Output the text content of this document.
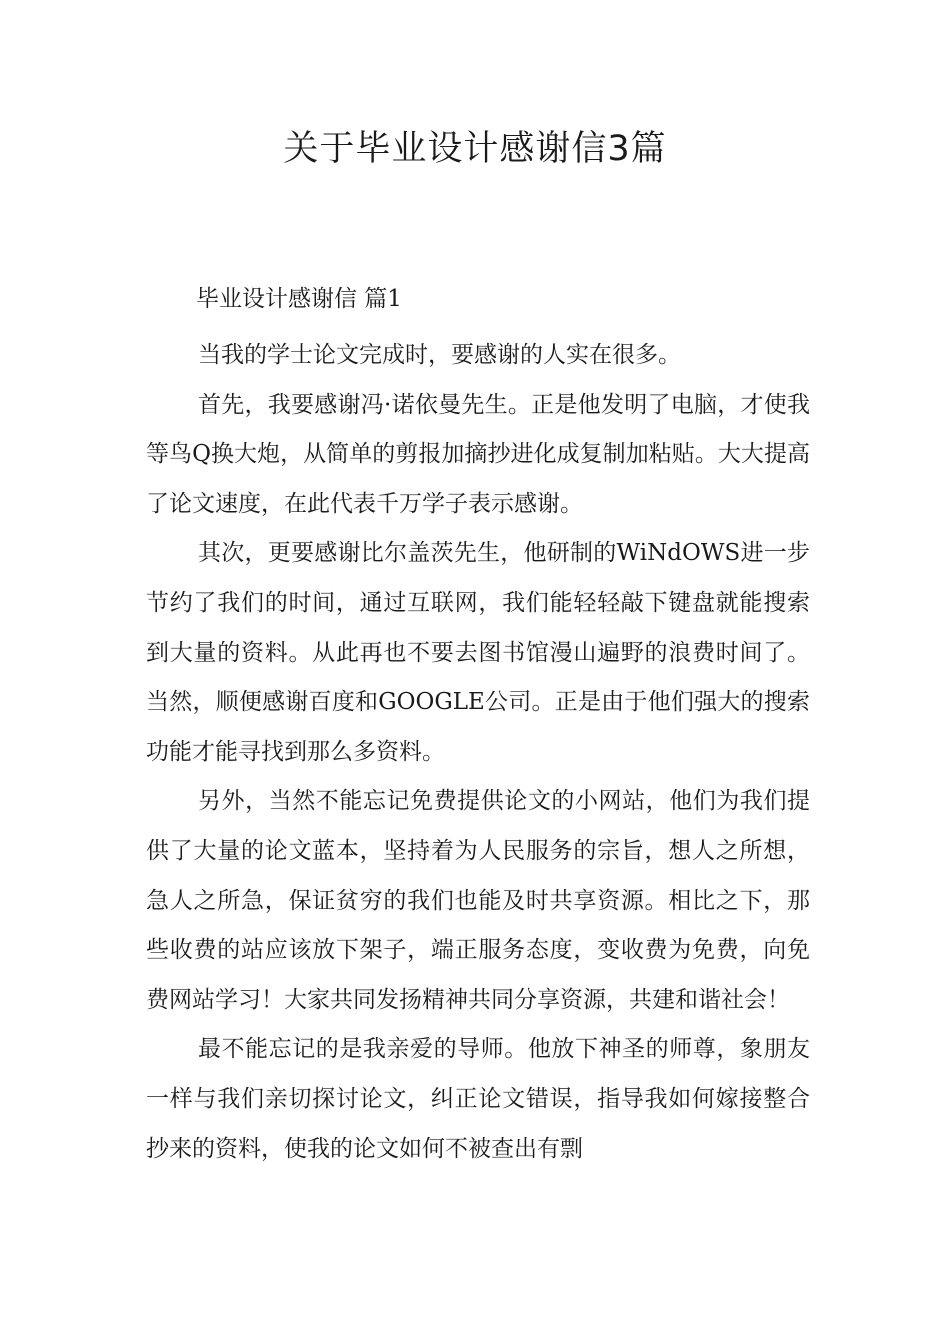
关于毕业设计感谢信3篇
毕业设计感谢信 篇1

当我的学士论文完成时，要感谢的人实在很多。

首先，我要感谢冯·诺依曼先生。正是他发明了电脑，才使我等鸟Q换大炮，从简单的剪报加摘抄进化成复制加粘贴。大大提高了论文速度，在此代表千万学子表示感谢。

其次，更要感谢比尔盖茨先生，他研制的WiNdOWS进一步节约了我们的时间，通过互联网，我们能轻轻敲下键盘就能搜索到大量的资料。从此再也不要去图书馆漫山遍野的浪费时间了。当然，顺便感谢百度和GOOGLE公司。正是由于他们强大的搜索功能才能寻找到那么多资料。

另外，当然不能忘记免费提供论文的小网站，他们为我们提供了大量的论文蓝本，坚持着为人民服务的宗旨，想人之所想，急人之所急，保证贫穷的我们也能及时共享资源。相比之下，那些收费的站应该放下架子，端正服务态度，变收费为免费，向免费网站学习！大家共同发扬精神共同分享资源，共建和谐社会！

最不能忘记的是我亲爱的导师。他放下神圣的师尊，象朋友一样与我们亲切探讨论文，纠正论文错误，指导我如何嫁接整合抄来的资料，使我的论文如何不被查出有剽
